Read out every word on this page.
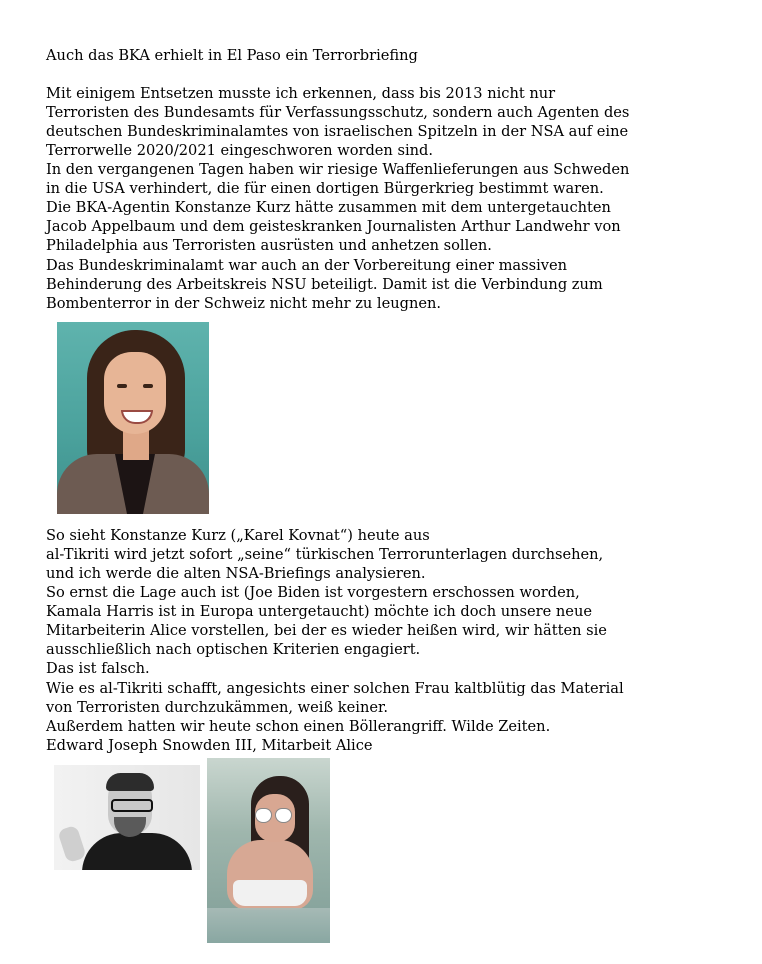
Auch das BKA erhielt in El Paso ein Terrorbriefing
Mit einigem Entsetzen musste ich erkennen, dass bis 2013 nicht nur
Terroristen des Bundesamts für Verfassungsschutz, sondern auch Agenten des
deutschen Bundeskriminalamtes von israelischen Spitzeln in der NSA auf eine
Terrorwelle 2020/2021 eingeschworen worden sind.
In den vergangenen Tagen haben wir riesige Waffenlieferungen aus Schweden
in die USA verhindert, die für einen dortigen Bürgerkrieg bestimmt waren.
Die BKA-Agentin Konstanze Kurz hätte zusammen mit dem untergetauchten
Jacob Appelbaum und dem geisteskranken Journalisten Arthur Landwehr von
Philadelphia aus Terroristen ausrüsten und anhetzen sollen.
Das Bundeskriminalamt war auch an der Vorbereitung einer massiven
Behinderung des Arbeitskreis NSU beteiligt. Damit ist die Verbindung zum
Bombenterror in der Schweiz nicht mehr zu leugnen.
So sieht Konstanze Kurz („Karel Kovnat“) heute aus
al-Tikriti wird jetzt sofort „seine“ türkischen Terrorunterlagen durchsehen,
und ich werde die alten NSA-Briefings analysieren.
So ernst die Lage auch ist (Joe Biden ist vorgestern erschossen worden,
Kamala Harris ist in Europa untergetaucht) möchte ich doch unsere neue
Mitarbeiterin Alice vorstellen, bei der es wieder heißen wird, wir hätten sie
ausschließlich nach optischen Kriterien engagiert.
Das ist falsch.
Wie es al-Tikriti schafft, angesichts einer solchen Frau kaltblütig das Material
von Terroristen durchzukämmen, weiß keiner.
Außerdem hatten wir heute schon einen Böllerangriff. Wilde Zeiten.
Edward Joseph Snowden III, Mitarbeit Alice
